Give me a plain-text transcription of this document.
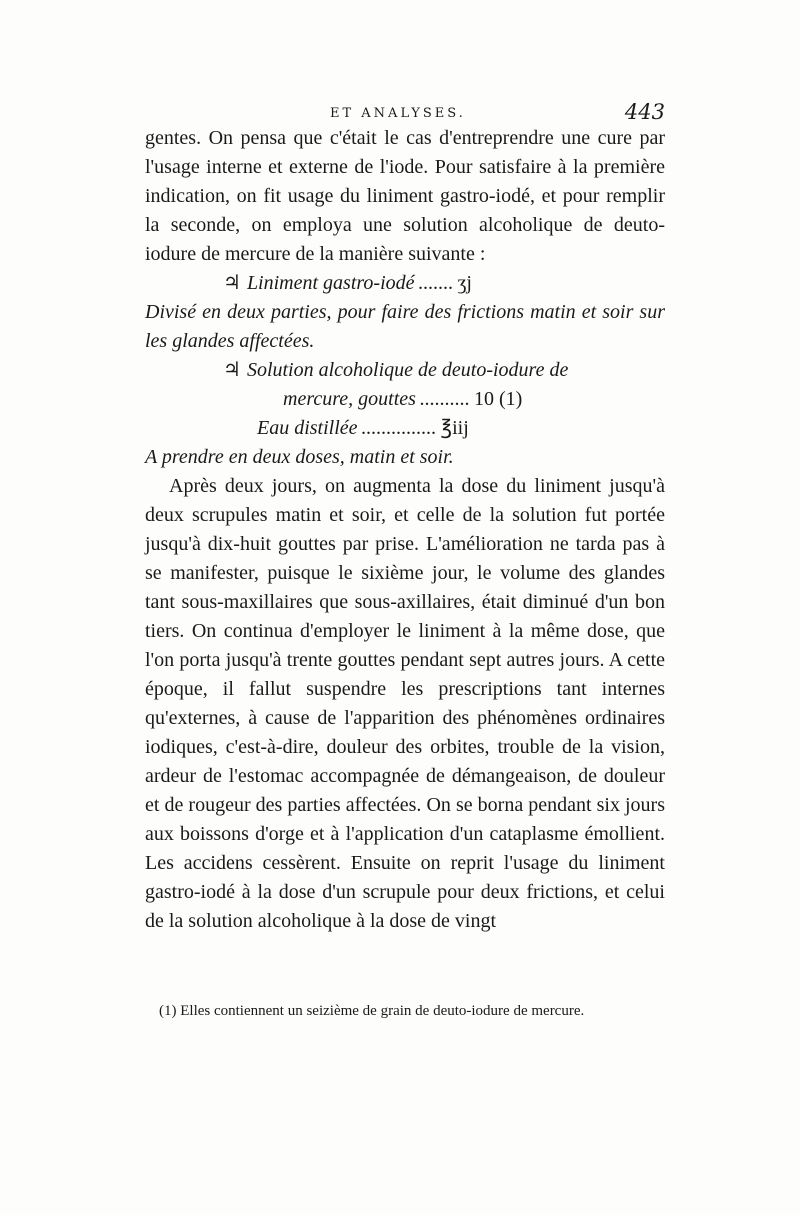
ET ANALYSES.	443

gentes. On pensa que c'était le cas d'entreprendre une cure par l'usage interne et externe de l'iode. Pour satisfaire à la première indication, on fit usage du liniment gastro-iodé, et pour remplir la seconde, on employa une solution alcoholique de deuto-iodure de mercure de la manière suivante :

♃ Liniment gastro-iodé ....... ʒj

Divisé en deux parties, pour faire des frictions matin et soir sur les glandes affectées.

♃ Solution alcoholique de deuto-iodure de
mercure, gouttes .......... 10 (1)
Eau distillée ............... ℥iij

A prendre en deux doses, matin et soir.

Après deux jours, on augmenta la dose du liniment jusqu'à deux scrupules matin et soir, et celle de la solution fut portée jusqu'à dix-huit gouttes par prise. L'amélioration ne tarda pas à se manifester, puisque le sixième jour, le volume des glandes tant sous-maxillaires que sous-axillaires, était diminué d'un bon tiers. On continua d'employer le liniment à la même dose, que l'on porta jusqu'à trente gouttes pendant sept autres jours. A cette époque, il fallut suspendre les prescriptions tant internes qu'externes, à cause de l'apparition des phénomènes ordinaires iodiques, c'est-à-dire, douleur des orbites, trouble de la vision, ardeur de l'estomac accompagnée de démangeaison, de douleur et de rougeur des parties affectées. On se borna pendant six jours aux boissons d'orge et à l'application d'un cataplasme émollient. Les accidens cessèrent. Ensuite on reprit l'usage du liniment gastro-iodé à la dose d'un scrupule pour deux frictions, et celui de la solution alcoholique à la dose de vingt

(1) Elles contiennent un seizième de grain de deuto-iodure de mercure.
